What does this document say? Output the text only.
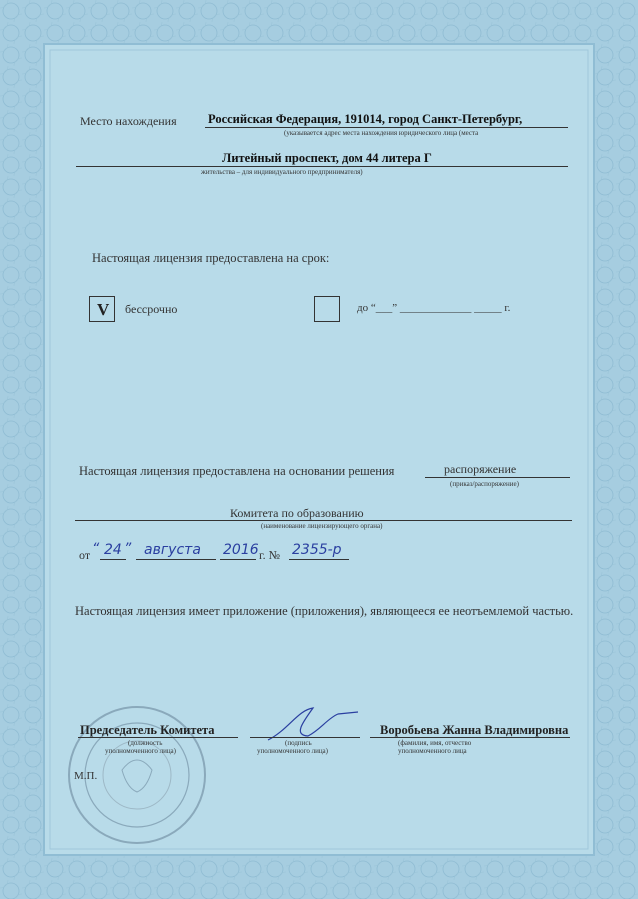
Место нахождения	Российская Федерация, 191014, город Санкт-Петербург,
(указывается адрес места нахождения юридического лица (места
Литейный проспект, дом 44 литера Г
жительства – для индивидуального предпринимателя)
Настоящая лицензия предоставлена на срок:
V бессрочно	до “___” _____________ _____ г.
Настоящая лицензия предоставлена на основании решения	распоряжение
(приказ/распоряжение)
Комитета по образованию
(наименование лицензирующего органа)
от “ 24 ” августа 2016 г. № 2355-р
Настоящая лицензия имеет приложение (приложения), являющееся ее неотъемлемой частью.
Председатель Комитета
(должность
уполномоченного лица)
(подпись
уполномоченного лица)
Воробьева Жанна Владимировна
(фамилия, имя, отчество
уполномоченного лица
М.П.
